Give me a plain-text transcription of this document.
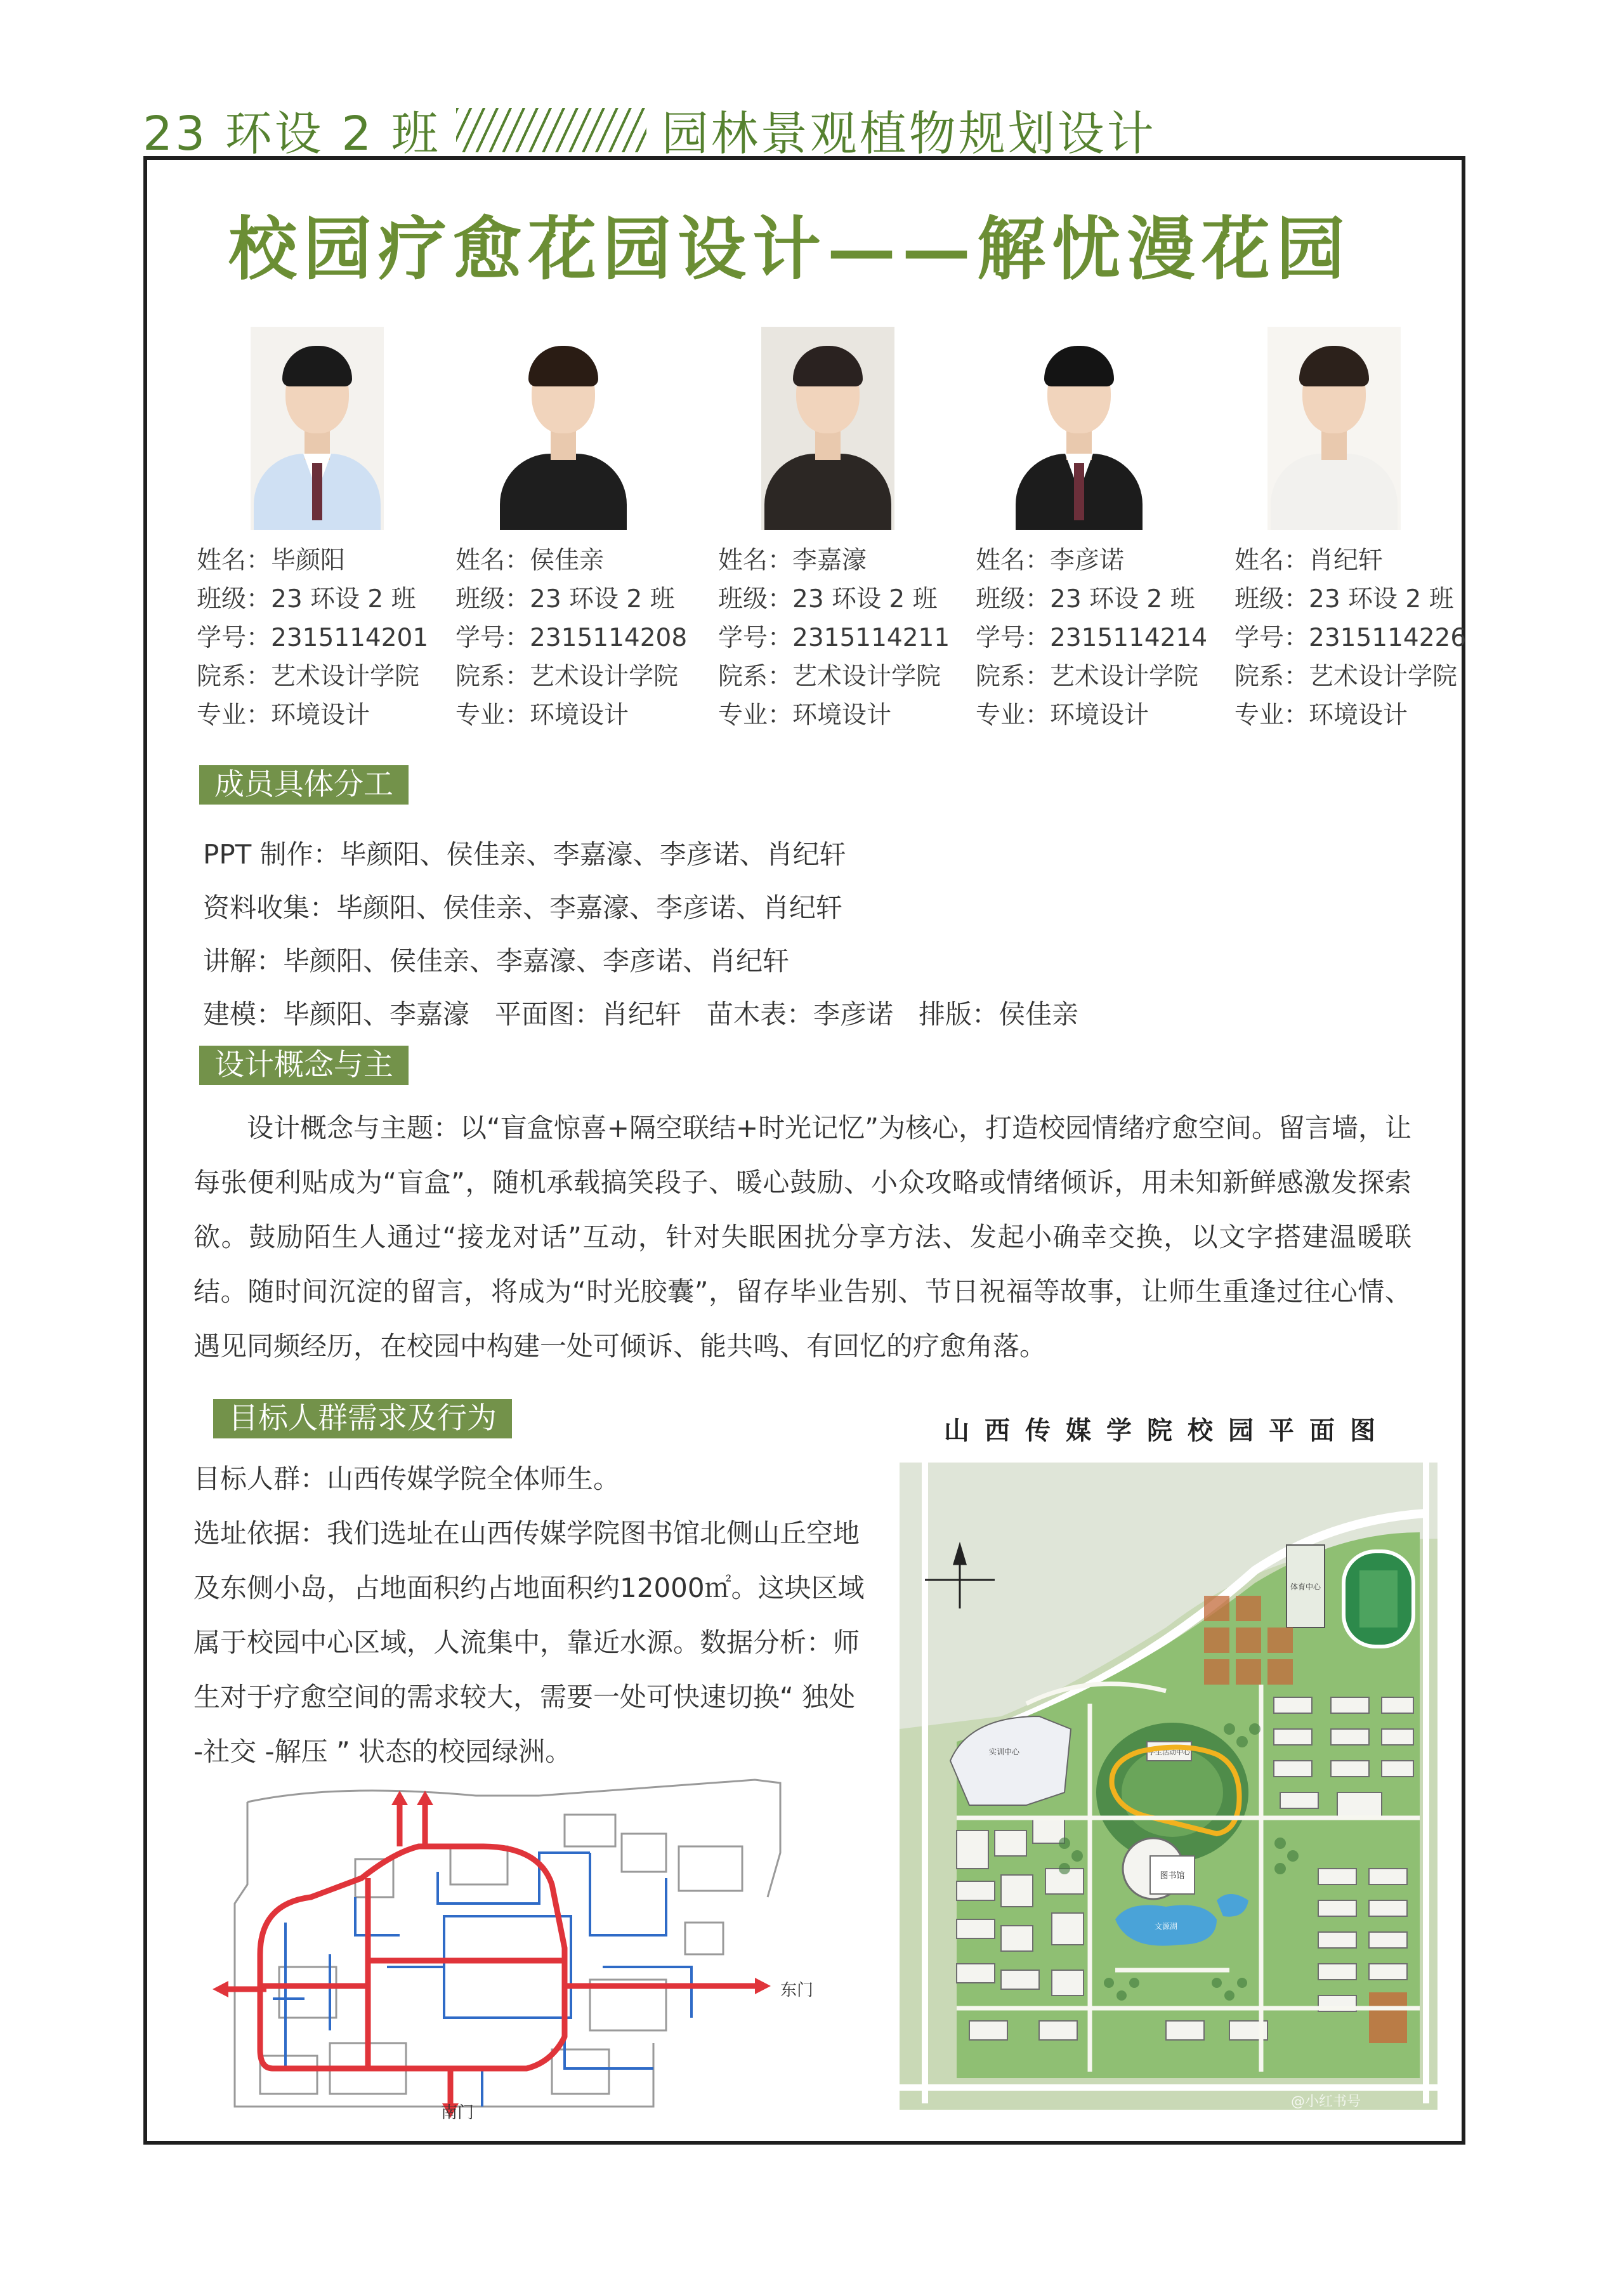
23 环设 2 班	园林景观植物规划设计
校园疗愈花园设计——解忧漫花园
姓名：毕颜阳
班级：23 环设 2 班
学号：2315114201
院系：艺术设计学院
专业：环境设计
姓名：侯佳亲
班级：23 环设 2 班
学号：2315114208
院系：艺术设计学院
专业：环境设计
姓名：李嘉濠
班级：23 环设 2 班
学号：2315114211
院系：艺术设计学院
专业：环境设计
姓名：李彦诺
班级：23 环设 2 班
学号：2315114214
院系：艺术设计学院
专业：环境设计
姓名：肖纪轩
班级：23 环设 2 班
学号：2315114226
院系：艺术设计学院
专业：环境设计
成员具体分工
PPT 制作：毕颜阳、侯佳亲、李嘉濠、李彦诺、肖纪轩
资料收集：毕颜阳、侯佳亲、李嘉濠、李彦诺、肖纪轩
讲解：毕颜阳、侯佳亲、李嘉濠、李彦诺、肖纪轩
建模：毕颜阳、李嘉濠 平面图：肖纪轩 苗木表：李彦诺 排版：侯佳亲
设计概念与主
设计概念与主题：以“盲盒惊喜+隔空联结+时光记忆”为核心，打造校园情绪疗愈空间。留言墙，让每张便利贴成为“盲盒”，随机承载搞笑段子、暖心鼓励、小众攻略或情绪倾诉，用未知新鲜感激发探索欲。鼓励陌生人通过“接龙对话”互动，针对失眠困扰分享方法、发起小确幸交换，以文字搭建温暖联结。随时间沉淀的留言，将成为“时光胶囊”，留存毕业告别、节日祝福等故事，让师生重逢过往心情、遇见同频经历，在校园中构建一处可倾诉、能共鸣、有回忆的疗愈角落。
目标人群需求及行为
目标人群：山西传媒学院全体师生。
选址依据：我们选址在山西传媒学院图书馆北侧山丘空地及东侧小岛，占地面积约占地面积约12000㎡。这块区域属于校园中心区域，人流集中，靠近水源。数据分析：师生对于疗愈空间的需求较大，需要一处可快速切换“ 独处 -社交 -解压 ” 状态的校园绿洲。
东门
南门
山西传媒学院校园平面图
体育中心
实训中心	学生活动中心
图书馆
文源湖
@小红书号
